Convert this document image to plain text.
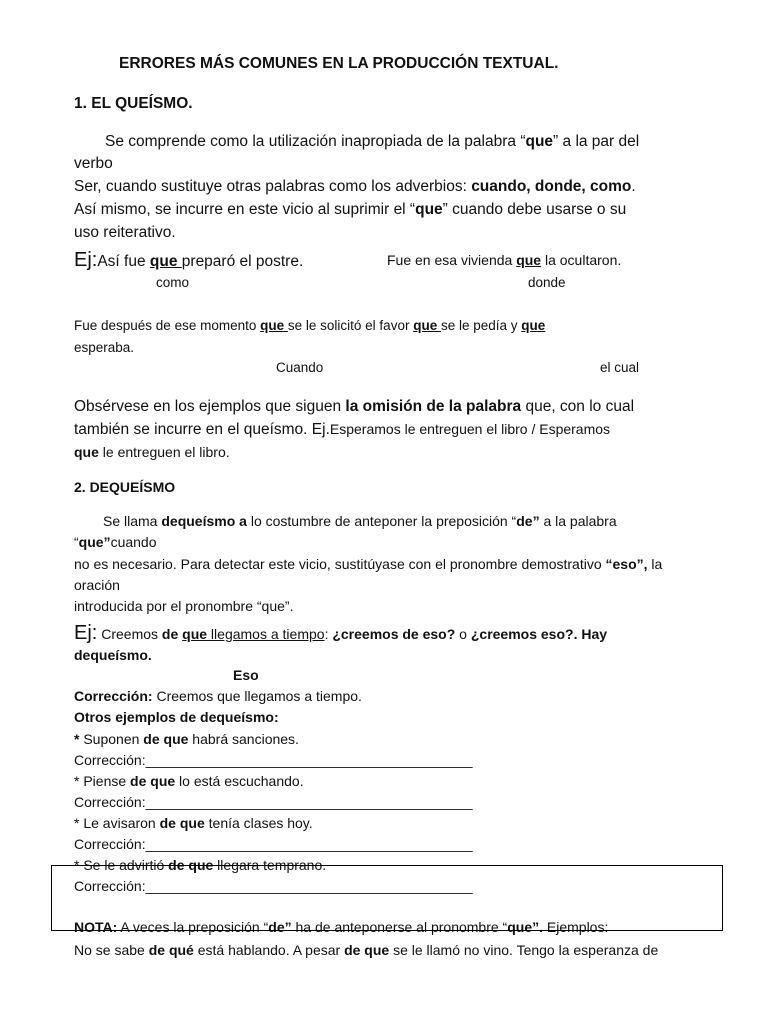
ERRORES MÁS COMUNES EN LA PRODUCCIÓN TEXTUAL.
1. EL QUEÍSMO.
Se comprende como la utilización inapropiada de la palabra “que” a la par del
verbo
Ser, cuando sustituye otras palabras como los adverbios: cuando, donde, como.
Así mismo, se incurre en este vicio al suprimir el “que” cuando debe usarse o su
uso reiterativo.
Ej:Así fue que preparó el postre.	Fue en esa vivienda que la ocultaron.
como	donde
Fue después de ese momento que se le solicitó el favor que se le pedía y que
esperaba.
Cuando	el cual
Obsérvese en los ejemplos que siguen la omisión de la palabra que, con lo cual
también se incurre en el queísmo. Ej.Esperamos le entreguen el libro / Esperamos
que le entreguen el libro.
2. DEQUEÍSMO
Se llama dequeísmo a lo costumbre de anteponer la preposición “de” a la palabra
“que”cuando
no es necesario. Para detectar este vicio, sustitúyase con el pronombre demostrativo “eso”, la
oración
introducida por el pronombre “que”.
Ej: Creemos de que llegamos a tiempo: ¿creemos de eso? o ¿creemos eso?. Hay
dequeísmo.
Eso
Corrección: Creemos que llegamos a tiempo.
Otros ejemplos de dequeísmo:
* Suponen de que habrá sanciones.
Corrección:__________________________________________
* Piense de que lo está escuchando.
Corrección:__________________________________________
* Le avisaron de que tenía clases hoy.
Corrección:__________________________________________
* Se le advirtió de que llegara temprano.
Corrección:__________________________________________
NOTA: A veces la preposición “de” ha de anteponerse al pronombre “que”. Ejemplos:
No se sabe de qué está hablando. A pesar de que se le llamó no vino. Tengo la esperanza de
